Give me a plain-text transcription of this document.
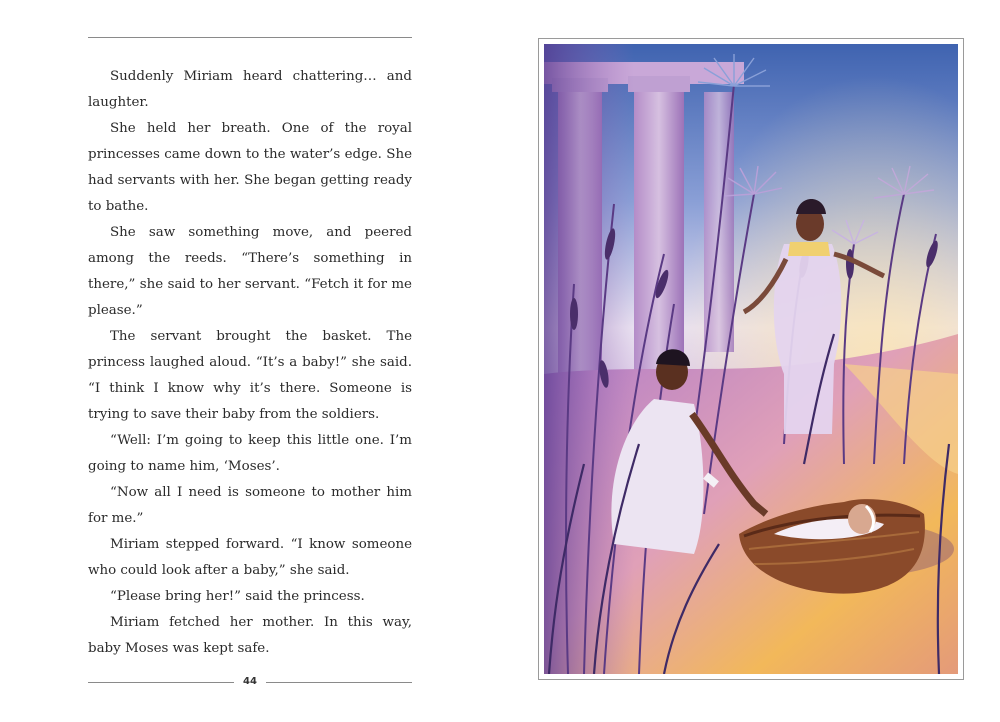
Suddenly Miriam heard chattering… and laughter.

She held her breath. One of the royal princesses came down to the water’s edge. She had servants with her. She began getting ready to bathe.

She saw something move, and peered among the reeds. “There’s something in there,” she said to her servant. “Fetch it for me please.”

The servant brought the basket. The princess laughed aloud. “It’s a baby!” she said. “I think I know why it’s there. Someone is trying to save their baby from the soldiers.

“Well: I’m going to keep this little one. I’m going to name him, ‘Moses’.

“Now all I need is someone to mother him for me.”

Miriam stepped forward. “I know someone who could look after a baby,” she said.

“Please bring her!” said the princess.

Miriam fetched her mother. In this way, baby Moses was kept safe.

44
